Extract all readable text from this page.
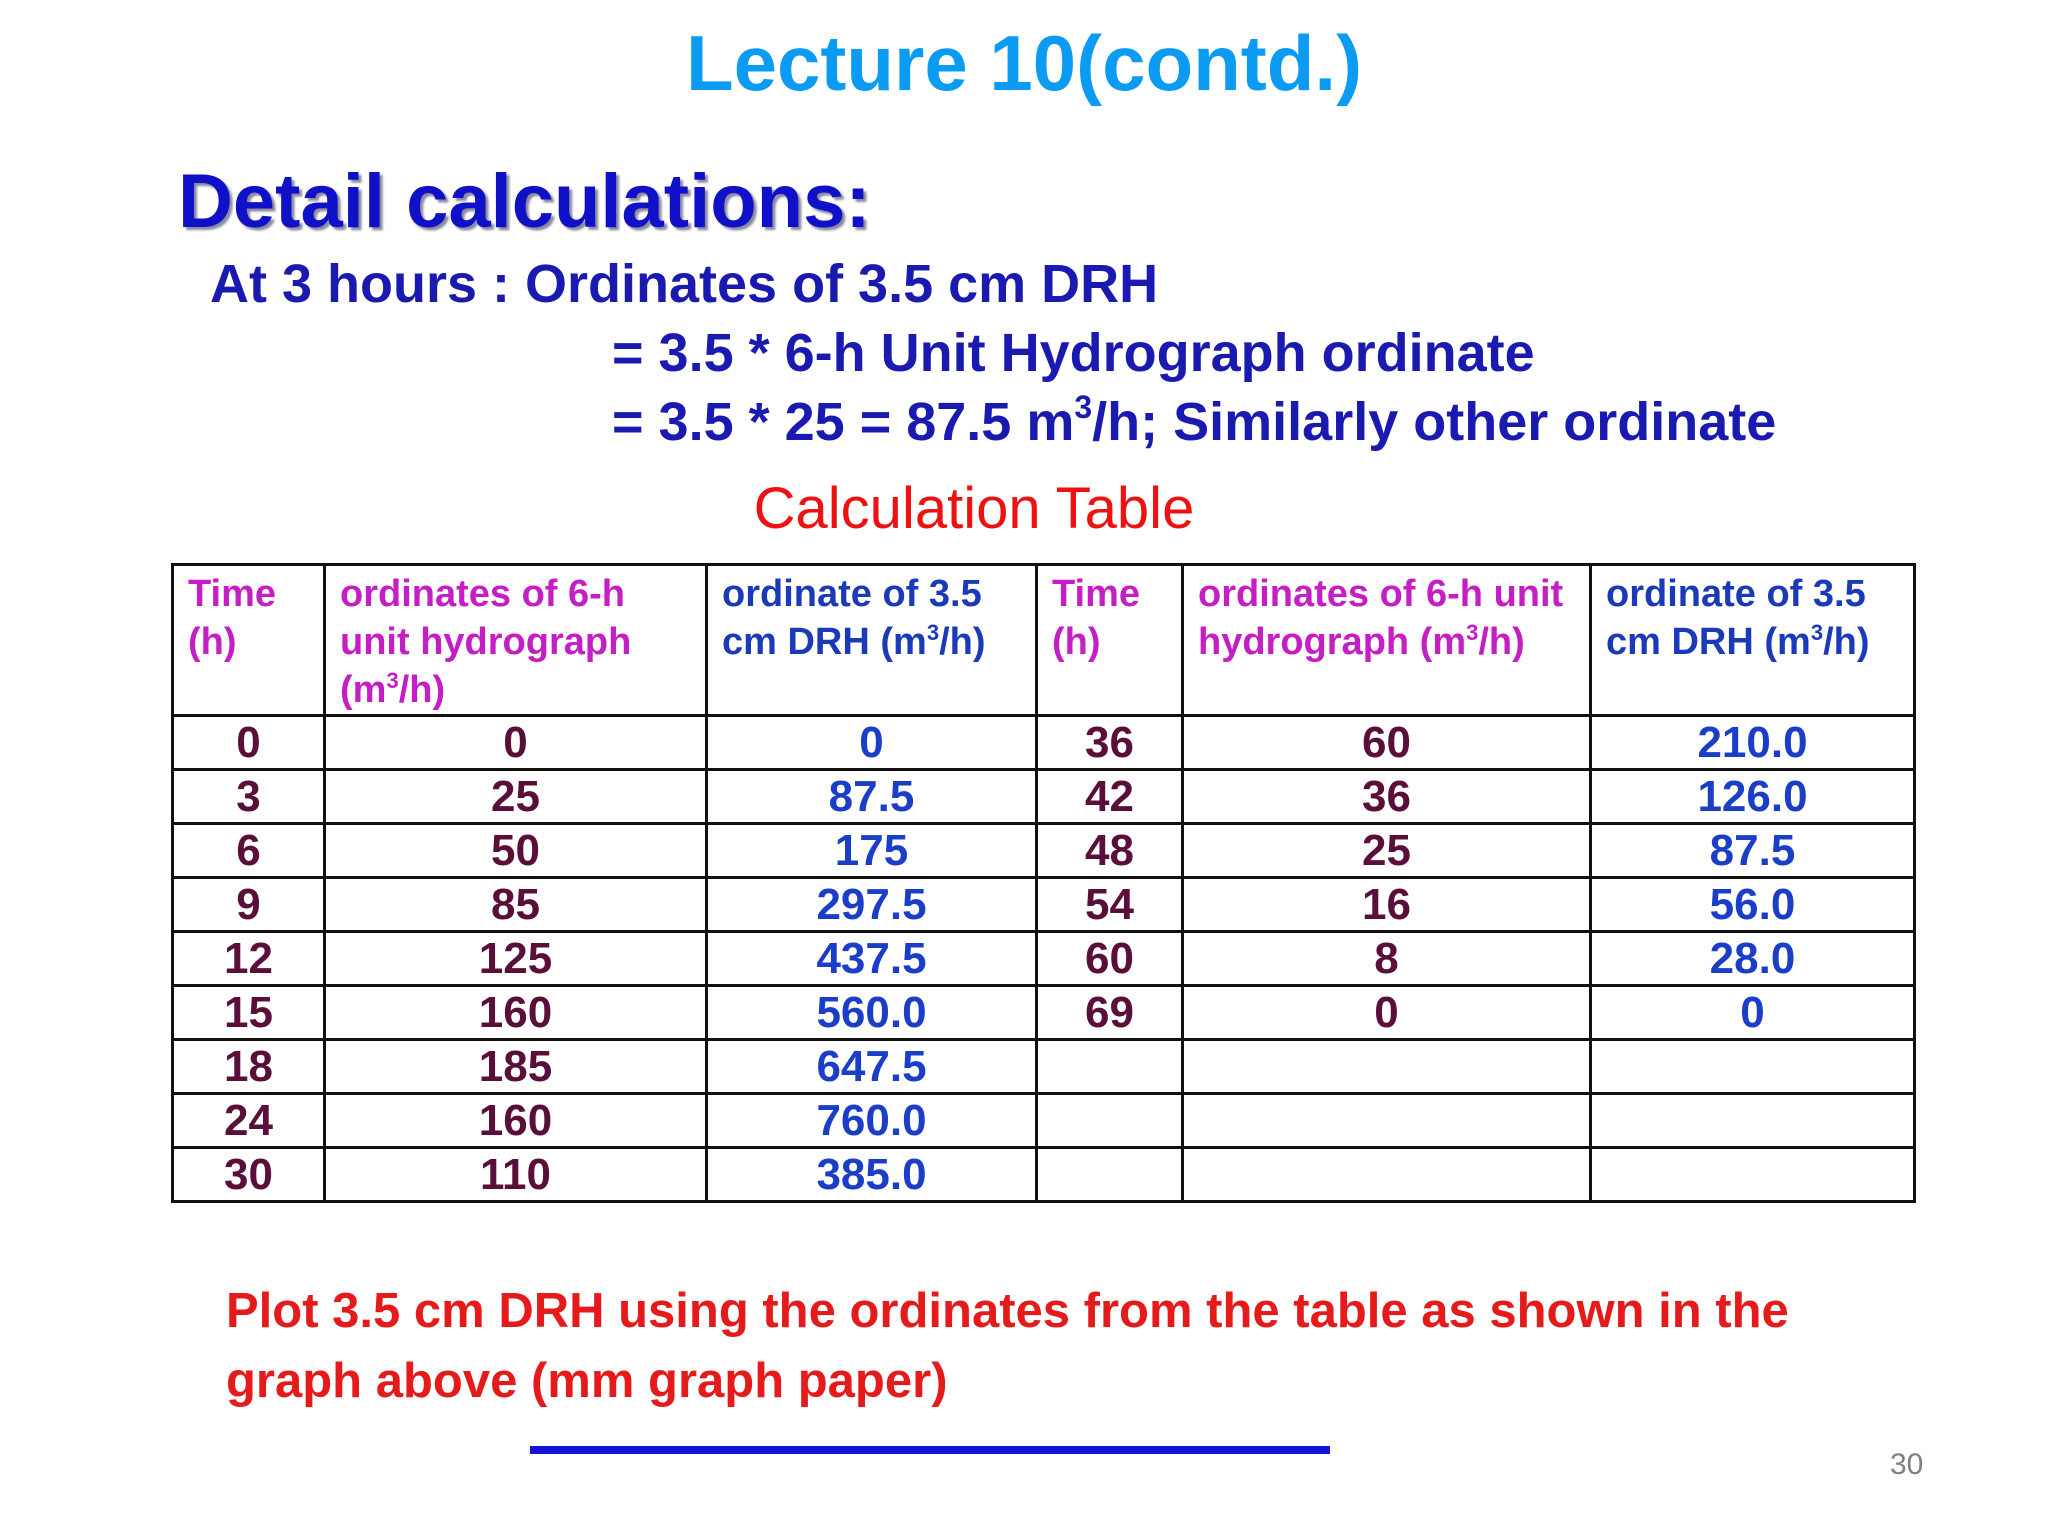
Lecture 10(contd.)
Detail calculations:
At 3 hours : Ordinates of 3.5 cm DRH
= 3.5 * 6-h Unit Hydrograph ordinate
= 3.5 * 25 = 87.5 $m^3/h$; Similarly other ordinate
Calculation Table
Time (h)	ordinates of 6-h unit hydrograph $(m^3/h)$	ordinate of 3.5 cm DRH $(m^3/h)$	Time (h)	ordinates of 6-h unit hydrograph $(m^3/h)$	ordinate of 3.5 cm DRH $(m^3/h)$
0	0	0	36	60	210.0
3	25	87.5	42	36	126.0
6	50	175	48	25	87.5
9	85	297.5	54	16	56.0
12	125	437.5	60	8	28.0
15	160	560.0	69	0	0
18	185	647.5			
24	160	760.0			
30	110	385.0			
Plot 3.5 cm DRH using the ordinates from the table as shown in the graph above (mm graph paper)
30
